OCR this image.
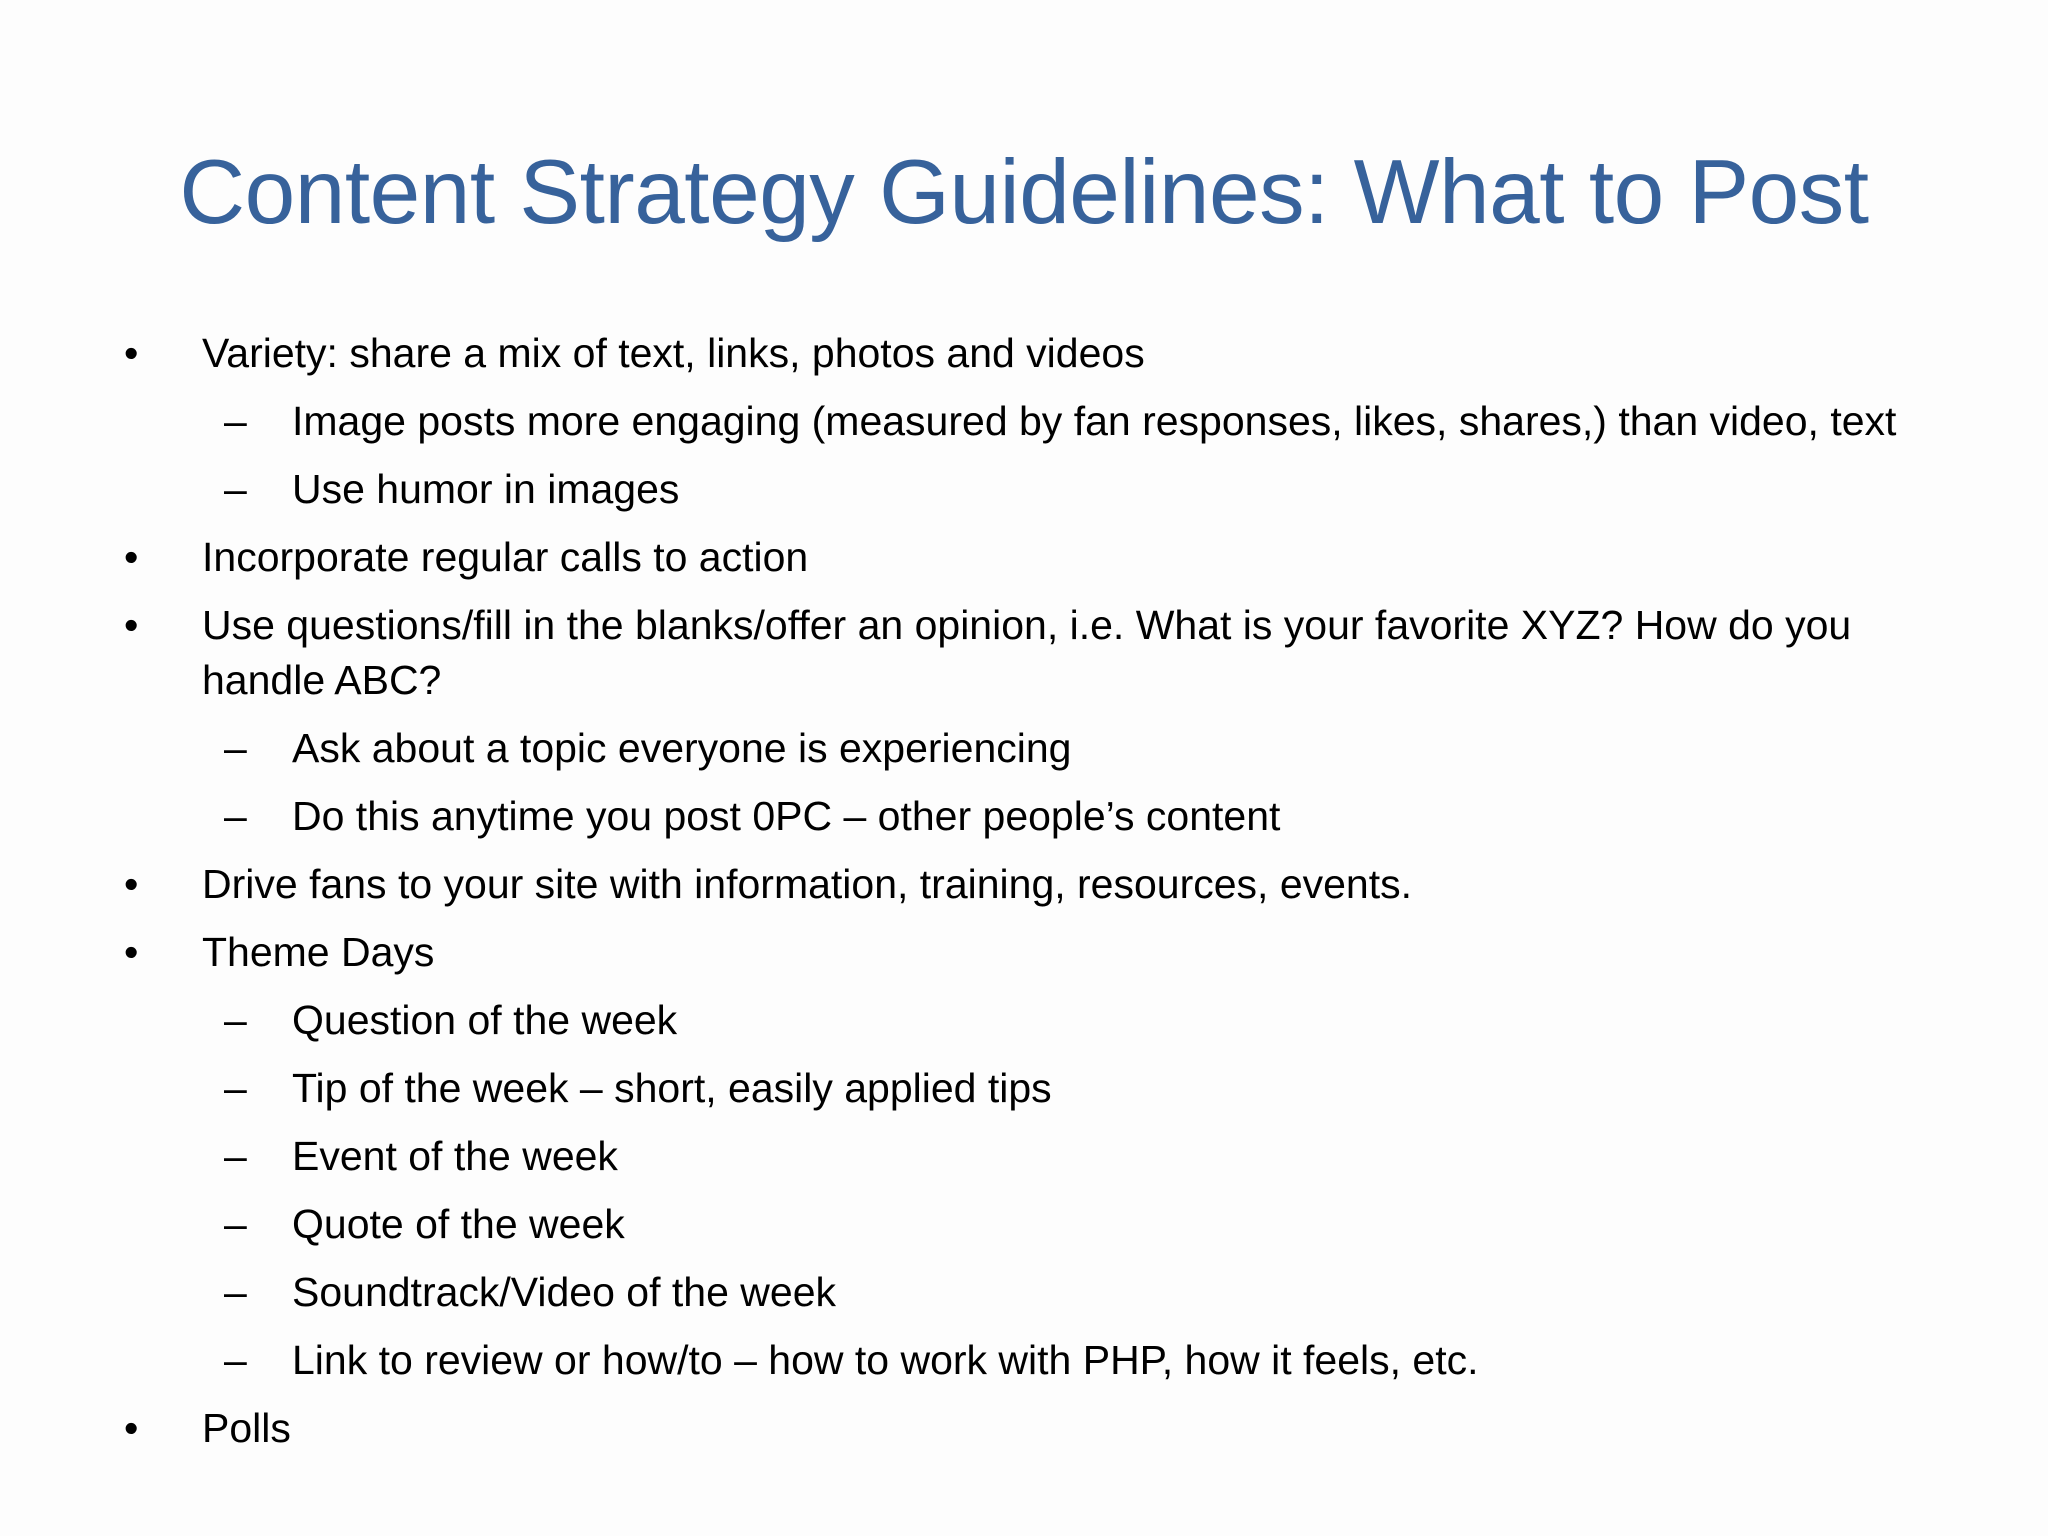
Content Strategy Guidelines: What to Post
• Variety: share a mix of text, links, photos and videos
– Image posts more engaging (measured by fan responses, likes, shares,) than video, text
– Use humor in images
• Incorporate regular calls to action
• Use questions/fill in the blanks/offer an opinion, i.e. What is your favorite XYZ? How do you
handle ABC?
– Ask about a topic everyone is experiencing
– Do this anytime you post 0PC – other people’s content
• Drive fans to your site with information, training, resources, events.
• Theme Days
– Question of the week
– Tip of the week – short, easily applied tips
– Event of the week
– Quote of the week
– Soundtrack/Video of the week
– Link to review or how/to – how to work with PHP, how it feels, etc.
• Polls
